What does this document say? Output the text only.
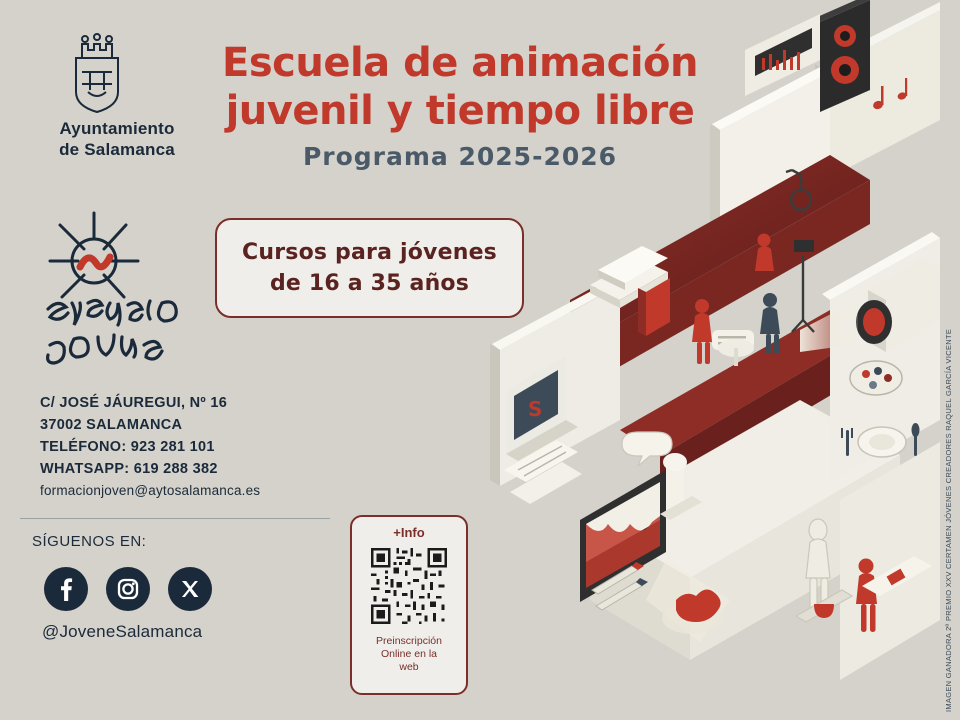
S
Ayuntamiento
de Salamanca
C/ JOSÉ JÁUREGUI, Nº 16
37002 SALAMANCA
TELÉFONO: 923 281 101
WHATSAPP: 619 288 382
formacionjoven@aytosalamanca.es
SÍGUENOS EN:
@JoveneSalamanca
Escuela de animación
juvenil y tiempo libre
Programa 2025-2026
Cursos para jóvenes
de 16 a 35 años
+Info
Preinscripción
Online en la
web	IMAGEN GANADORA 2º PREMIO XXV CERTAMEN JÓVENES CREADORES RAQUEL GARCÍA VICENTE
